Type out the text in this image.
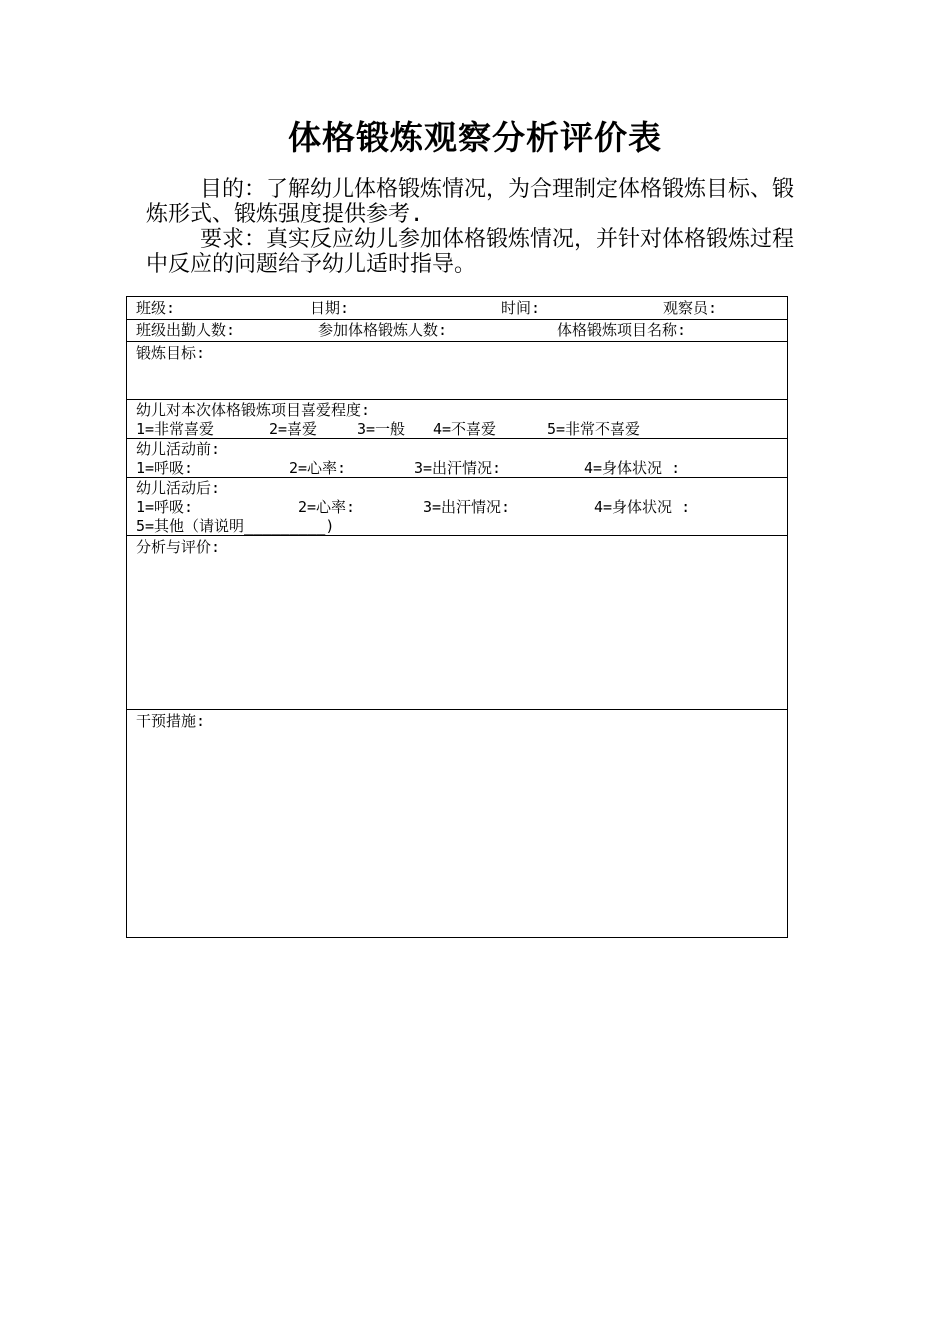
体格锻炼观察分析评价表

目的：了解幼儿体格锻炼情况，为合理制定体格锻炼目标、锻炼形式、锻炼强度提供参考.

要求：真实反应幼儿参加体格锻炼情况，并针对体格锻炼过程中反应的问题给予幼儿适时指导。

班级:	日期:	时间:	观察员:
班级出勤人数:	参加体格锻炼人数:	体格锻炼项目名称:
锻炼目标:
幼儿对本次体格锻炼项目喜爱程度:
1=非常喜爱	2=喜爱	3=一般 4=不喜爱	5=非常不喜爱
幼儿活动前:
1=呼吸:	2=心率:	3=出汗情况:	4=身体状况 :
幼儿活动后:
1=呼吸:	2=心率:	3=出汗情况:	4=身体状况 :
5=其他（请说明_________)
分析与评价:
干预措施:
